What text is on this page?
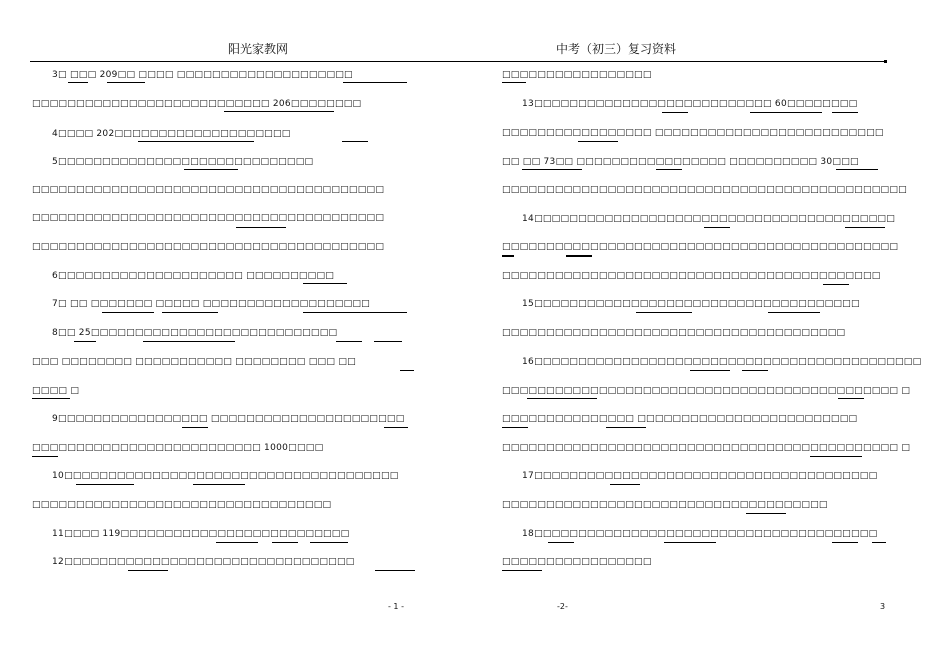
阳光家教网	中考（初三）复习资料
3□ □□□ 209□□ □□□□ □□□□□□□□□□□□□□□□□□□□
□□□□□□□□□□□□□□□□□□□□□□□□□□□ 206□□□□□□□□
4□□□□ 202□□□□□□□□□□□□□□□□□□□□
5□□□□□□□□□□□□□□□□□□□□□□□□□□□□□
□□□□□□□□□□□□□□□□□□□□□□□□□□□□□□□□□□□□□□□□
□□□□□□□□□□□□□□□□□□□□□□□□□□□□□□□□□□□□□□□□
□□□□□□□□□□□□□□□□□□□□□□□□□□□□□□□□□□□□□□□□
6□□□□□□□□□□□□□□□□□□□□□ □□□□□□□□□□
7□ □□ □□□□□□□ □□□□□ □□□□□□□□□□□□□□□□□□□
8□□ 25□□□□□□□□□□□□□□□□□□□□□□□□□□□□
□□□ □□□□□□□□ □□□□□□□□□□□ □□□□□□□□ □□□ □□
□□□□ □
9□□□□□□□□□□□□□□□□□ □□□□□□□□□□□□□□□□□□□□□□
□□□□□□□□□□□□□□□□□□□□□□□□□□ 1000□□□□
10□□□□□□□□□□□□□□□□□□□□□□□□□□□□□□□□□□□□□□
□□□□□□□□□□□□□□□□□□□□□□□□□□□□□□□□□□
11□□□□ 119□□□□□□□□□□□□□□□□□□□□□□□□□□
12□□□□□□□□□□□□□□□□□□□□□□□□□□□□□□□□□
□□□□□□□□□□□□□□□□□
13□□□□□□□□□□□□□□□□□□□□□□□□□□□ 60□□□□□□□□
□□□□□□□□□□□□□□□□□ □□□□□□□□□□□□□□□□□□□□□□□□□□
□□ □□ 73□□ □□□□□□□□□□□□□□□□□ □□□□□□□□□□ 30□□□
□□□□□□□□□□□□□□□□□□□□□□□□□□□□□□□□□□□□□□□□□□□□□□
14□□□□□□□□□□□□□□□□□□□□□□□□□□□□□□□□□□□□□□□□□
□□□□□□□□□□□□□□□□□□□□□□□□□□□□□□□□□□□□□□□□□□□□□
□□□□□□□□□□□□□□□□□□□□□□□□□□□□□□□□□□□□□□□□□□□
15□□□□□□□□□□□□□□□□□□□□□□□□□□□□□□□□□□□□□
□□□□□□□□□□□□□□□□□□□□□□□□□□□□□□□□□□□□□□□
16□□□□□□□□□□□□□□□□□□□□□□□□□□□□□□□□□□□□□□□□□□□□
□□□□□□□□□□□□□□□□□□□□□□□□□□□□□□□□□□□□□□□□□□□□□ □
□□□□□□□□□□□□□□□ □□□□□□□□□□□□□□□□□□□□□□□□□
□□□□□□□□□□□□□□□□□□□□□□□□□□□□□□□□□□□□□□□□□□□□□ □
17□□□□□□□□□□□□□□□□□□□□□□□□□□□□□□□□□□□□□□□
□□□□□□□□□□□□□□□□□□□□□□□□□□□□□□□□□□□□□
18□□□□□□□□□□□□□□□□□□□□□□□□□□□□□□□□□□□□□□□
□□□□□□□□□□□□□□□□□
- 1 -	-2-	3
